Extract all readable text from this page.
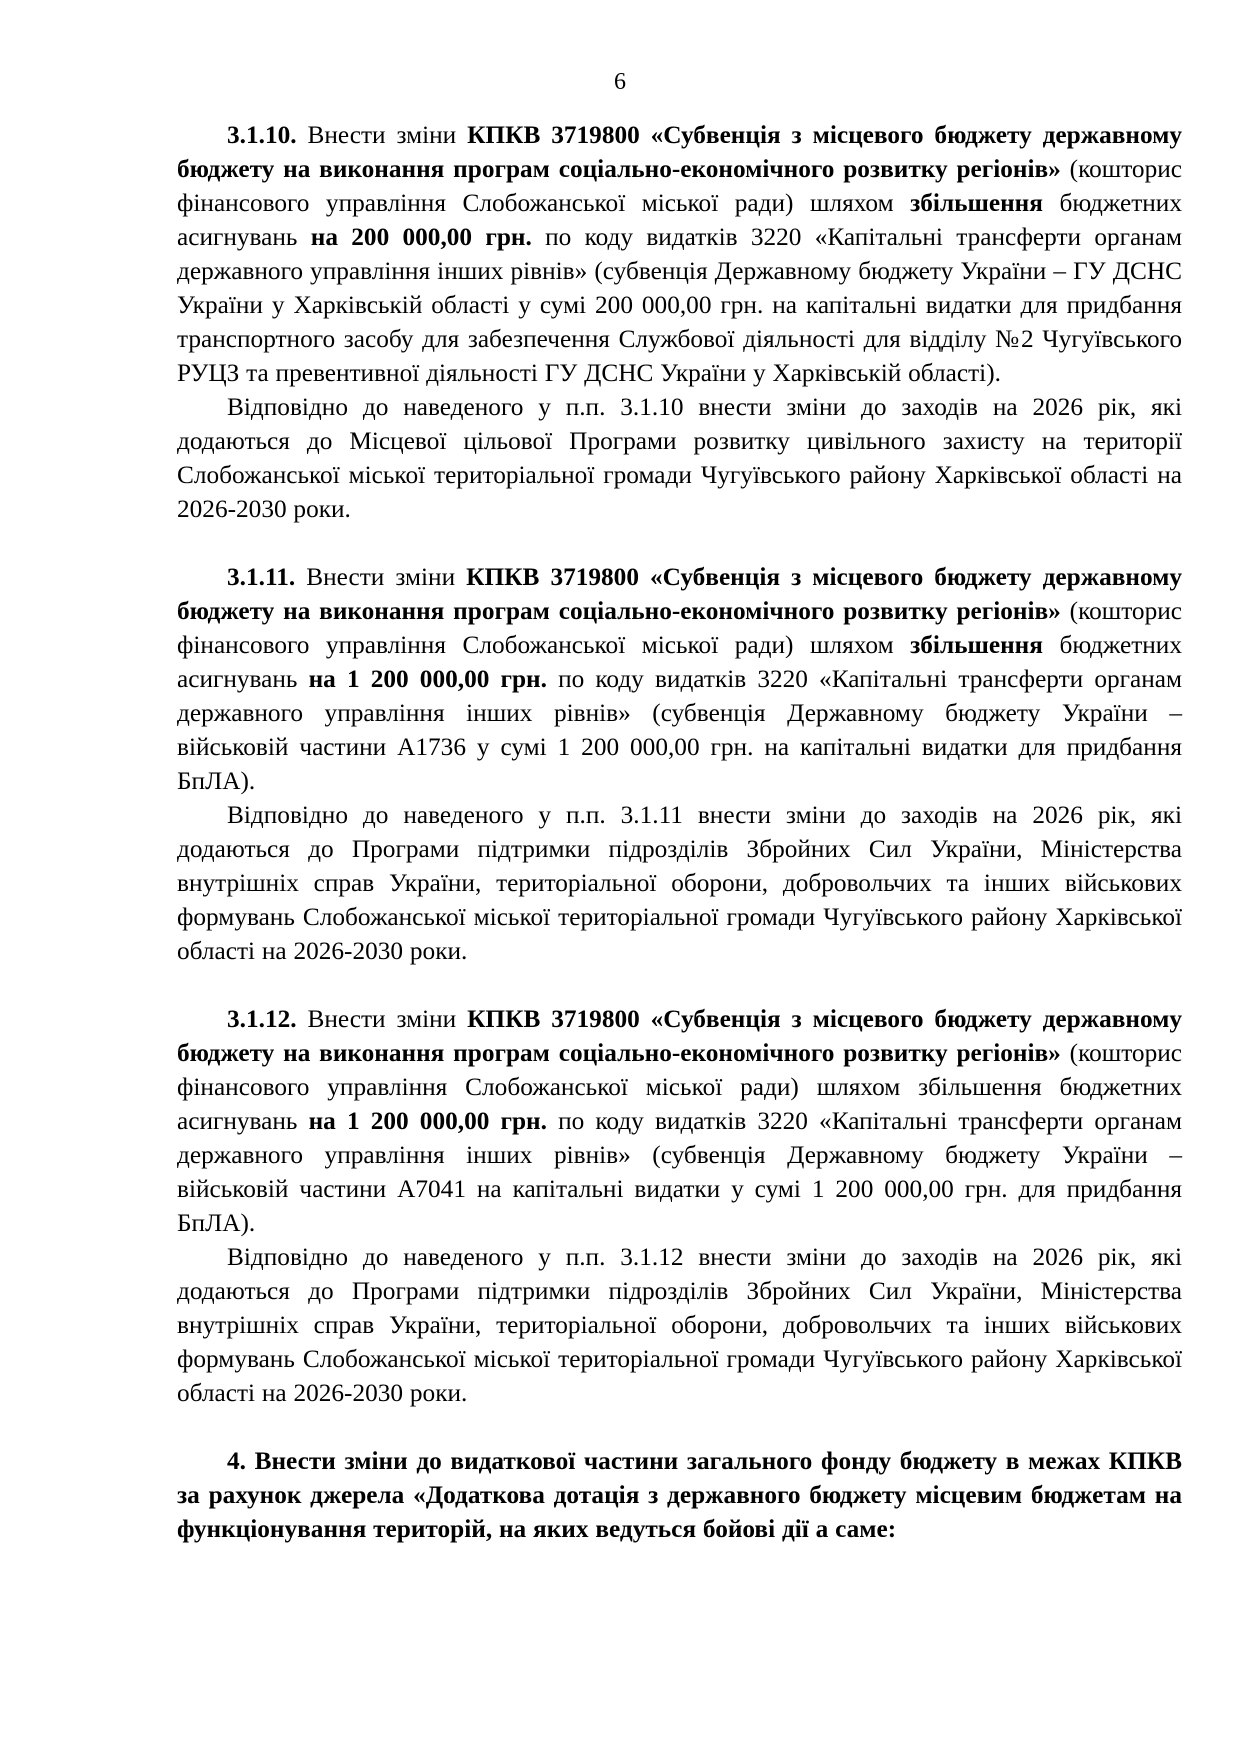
6

3.1.10. Внести зміни КПКВ 3719800 «Субвенція з місцевого бюджету державному бюджету на виконання програм соціально-економічного розвитку регіонів» (кошторис фінансового управління Слобожанської міської ради) шляхом збільшення бюджетних асигнувань на 200 000,00 грн. по коду видатків 3220 «Капітальні трансферти органам державного управління інших рівнів» (субвенція Державному бюджету України – ГУ ДСНС України у Харківській області у сумі 200 000,00 грн. на капітальні видатки для придбання транспортного засобу для забезпечення Службової діяльності для відділу №2 Чугуївського РУЦЗ та превентивної діяльності ГУ ДСНС України у Харківській області).

Відповідно до наведеного у п.п. 3.1.10 внести зміни до заходів на 2026 рік, які додаються до Місцевої цільової Програми розвитку цивільного захисту на території Слобожанської міської територіальної громади Чугуївського району Харківської області на 2026-2030 роки.

3.1.11. Внести зміни КПКВ 3719800 «Субвенція з місцевого бюджету державному бюджету на виконання програм соціально-економічного розвитку регіонів» (кошторис фінансового управління Слобожанської міської ради) шляхом збільшення бюджетних асигнувань на 1 200 000,00 грн. по коду видатків 3220 «Капітальні трансферти органам державного управління інших рівнів» (субвенція Державному бюджету України – військовій частини А1736 у сумі 1 200 000,00 грн. на капітальні видатки для придбання БпЛА).

Відповідно до наведеного у п.п. 3.1.11 внести зміни до заходів на 2026 рік, які додаються до Програми підтримки підрозділів Збройних Сил України, Міністерства внутрішніх справ України, територіальної оборони, добровольчих та інших військових формувань Слобожанської міської територіальної громади Чугуївського району Харківської області на 2026-2030 роки.

3.1.12. Внести зміни КПКВ 3719800 «Субвенція з місцевого бюджету державному бюджету на виконання програм соціально-економічного розвитку регіонів» (кошторис фінансового управління Слобожанської міської ради) шляхом збільшення бюджетних асигнувань на 1 200 000,00 грн. по коду видатків 3220 «Капітальні трансферти органам державного управління інших рівнів» (субвенція Державному бюджету України – військовій частини А7041 на капітальні видатки у сумі 1 200 000,00 грн. для придбання БпЛА).

Відповідно до наведеного у п.п. 3.1.12 внести зміни до заходів на 2026 рік, які додаються до Програми підтримки підрозділів Збройних Сил України, Міністерства внутрішніх справ України, територіальної оборони, добровольчих та інших військових формувань Слобожанської міської територіальної громади Чугуївського району Харківської області на 2026-2030 роки.

4. Внести зміни до видаткової частини загального фонду бюджету в межах КПКВ за рахунок джерела «Додаткова дотація з державного бюджету місцевим бюджетам на функціонування територій, на яких ведуться бойові дії а саме:
